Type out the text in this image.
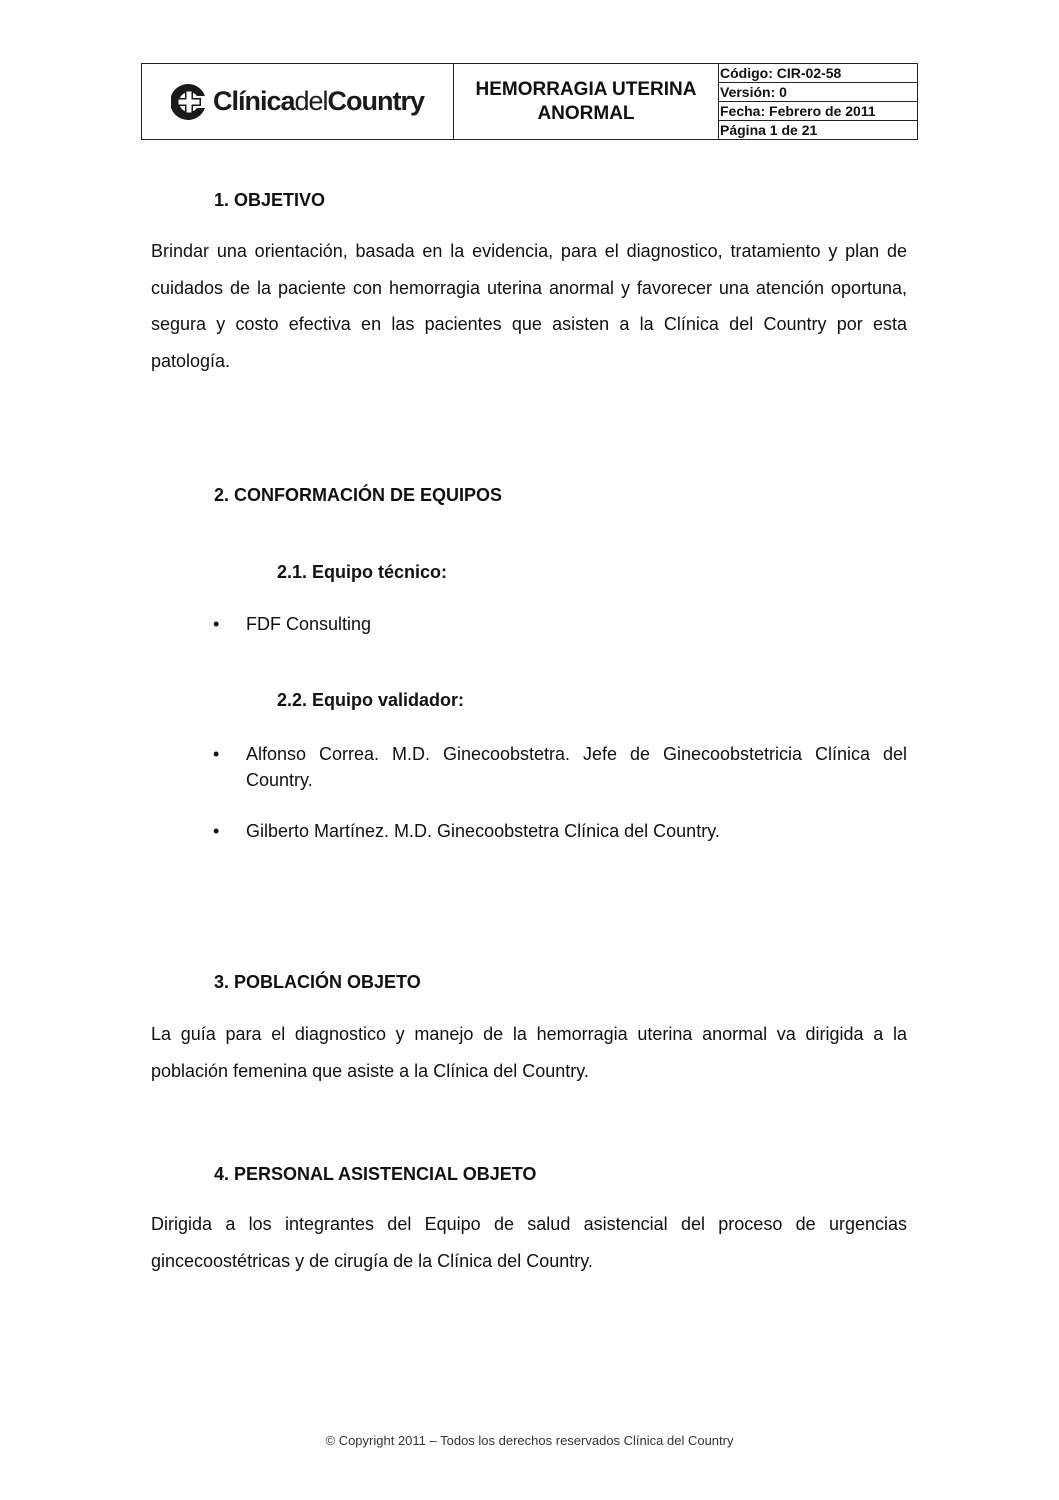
ClínicadelCountry	HEMORRAGIA UTERINA
ANORMAL
Código: CIR-02-58
Versión: 0
Fecha: Febrero de 2011
Página 1 de 21
1. OBJETIVO

Brindar una orientación, basada en la evidencia, para el diagnostico, tratamiento y plan de cuidados de la paciente con hemorragia uterina anormal y favorecer una atención oportuna, segura y costo efectiva en las pacientes que asisten a la Clínica del Country por esta patología.

2. CONFORMACIÓN DE EQUIPOS
2.1. Equipo técnico:
•	FDF Consulting
2.2. Equipo validador:
•	Alfonso Correa. M.D. Ginecoobstetra. Jefe de Ginecoobstetricia Clínica del Country.
•	Gilberto Martínez. M.D. Ginecoobstetra Clínica del Country.
3. POBLACIÓN OBJETO

La guía para el diagnostico y manejo de la hemorragia uterina anormal va dirigida a la población femenina que asiste a la Clínica del Country.

4. PERSONAL ASISTENCIAL OBJETO

Dirigida a los integrantes del Equipo de salud asistencial del proceso de urgencias gincecoostétricas y de cirugía de la Clínica del Country.

© Copyright 2011 – Todos los derechos reservados Clínica del Country
